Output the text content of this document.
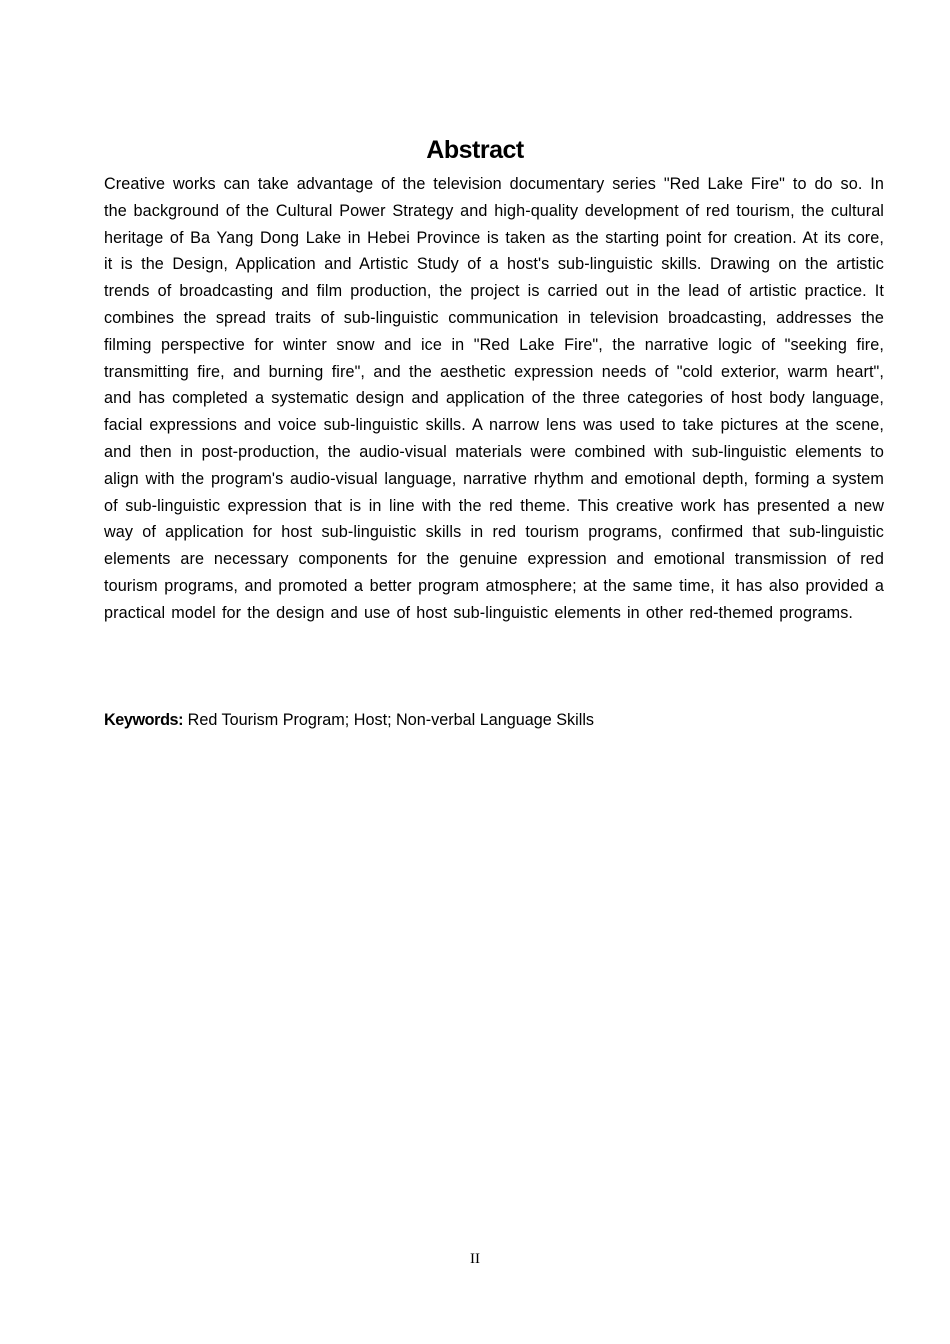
Abstract

Creative works can take advantage of the television documentary series "Red Lake Fire" to do so. In the background of the Cultural Power Strategy and high-quality development of red tourism, the cultural heritage of Ba Yang Dong Lake in Hebei Province is taken as the starting point for creation. At its core, it is the Design, Application and Artistic Study of a host's sub-linguistic skills. Drawing on the artistic trends of broadcasting and film production, the project is carried out in the lead of artistic practice. It combines the spread traits of sub-linguistic communication in television broadcasting, addresses the filming perspective for winter snow and ice in "Red Lake Fire", the narrative logic of "seeking fire, transmitting fire, and burning fire", and the aesthetic expression needs of "cold exterior, warm heart", and has completed a systematic design and application of the three categories of host body language, facial expressions and voice sub-linguistic skills. A narrow lens was used to take pictures at the scene, and then in post-production, the audio-visual materials were combined with sub-linguistic elements to align with the program's audio-visual language, narrative rhythm and emotional depth, forming a system of sub-linguistic expression that is in line with the red theme. This creative work has presented a new way of application for host sub-linguistic skills in red tourism programs, confirmed that sub-linguistic elements are necessary components for the genuine expression and emotional transmission of red tourism programs, and promoted a better program atmosphere; at the same time, it has also provided a practical model for the design and use of host sub-linguistic elements in other red-themed programs.

Keywords: Red Tourism Program; Host; Non-verbal Language Skills

II
